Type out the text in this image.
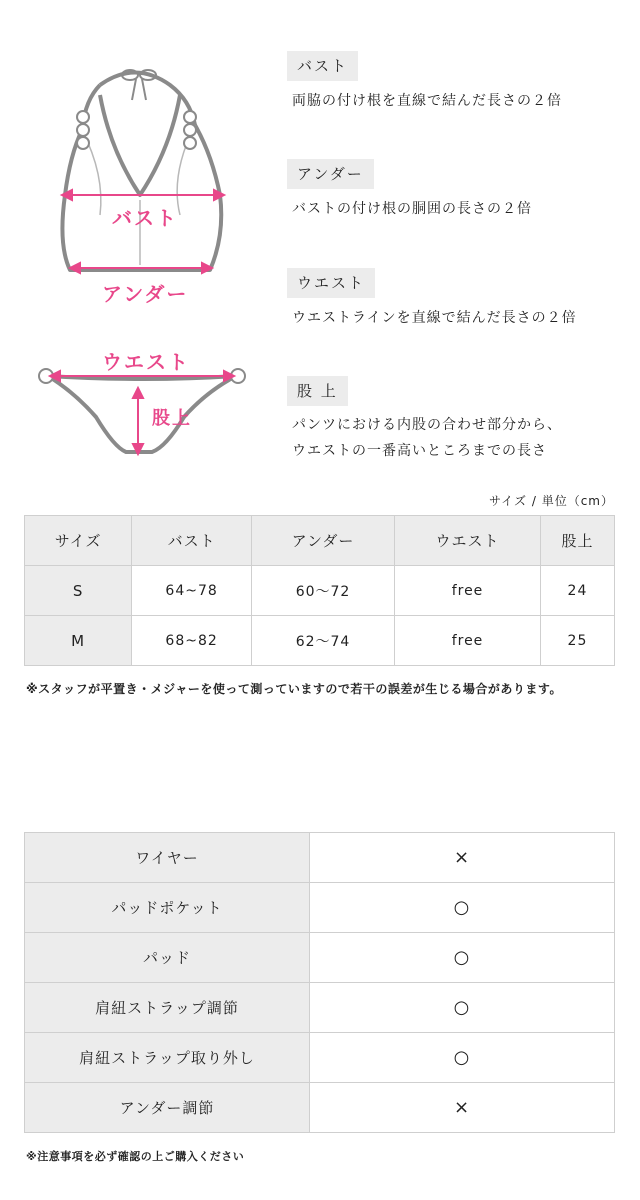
バスト
アンダー
ウエスト
股上
バスト
両脇の付け根を直線で結んだ長さの２倍
アンダー
バストの付け根の胴囲の長さの２倍
ウエスト
ウエストラインを直線で結んだ長さの２倍
股 上
パンツにおける内股の合わせ部分から、
ウエストの一番高いところまでの長さ
サイズ / 単位（cm）
サイズ	バスト	アンダー	ウエスト	股上
S	64~78	60〜72	free	24
M	68~82	62〜74	free	25
※スタッフが平置き・メジャーを使って測っていますので若干の誤差が生じる場合があります。
ワイヤー	×
パッドポケット	○
パッド	○
肩紐ストラップ調節	○
肩紐ストラップ取り外し	○
アンダー調節	×
※注意事項を必ず確認の上ご購入ください
